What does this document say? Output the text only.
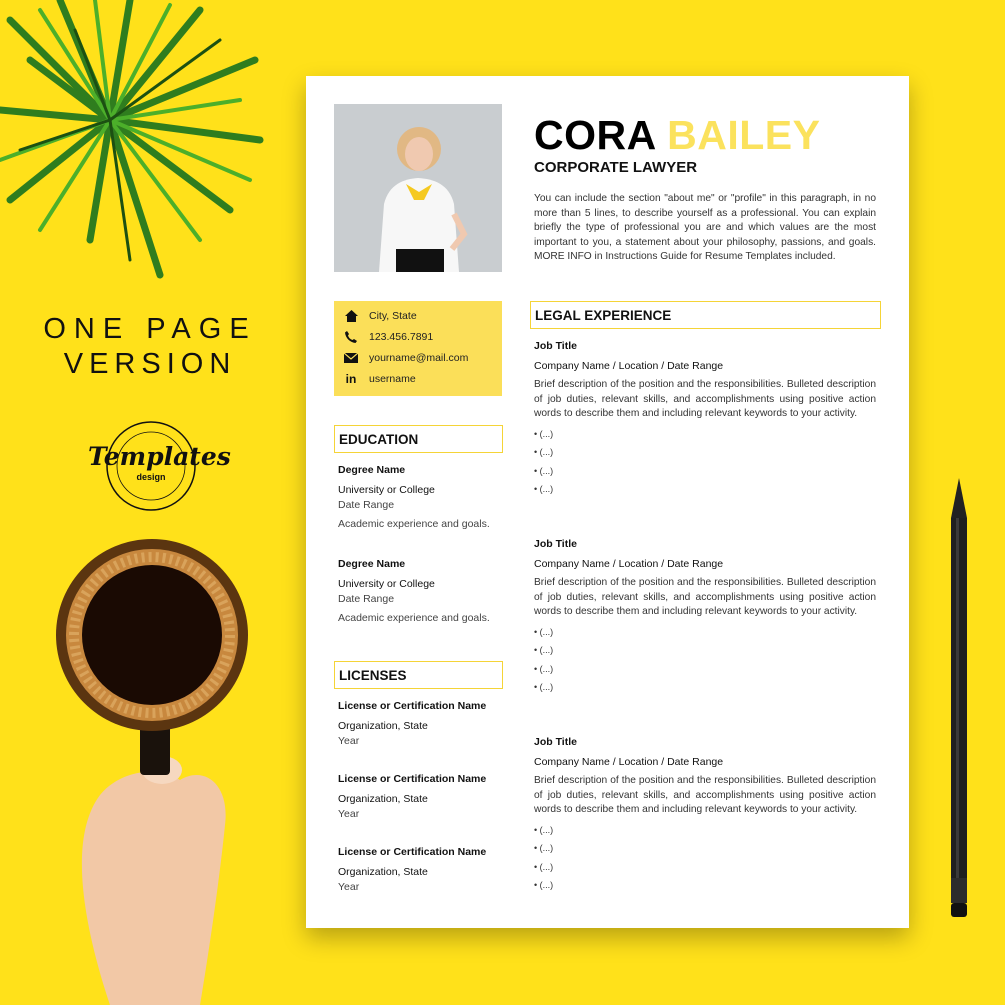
ONE PAGE
VERSION
Templates
design
CORA BAILEY
CORPORATE LAWYER
You can include the section "about me" or "profile" in this paragraph, in no more than 5 lines, to describe yourself as a professional. You can explain briefly the type of professional you are and which values are the most important to you, a statement about your philosophy, passions, and goals. MORE INFO in Instructions Guide for Resume Templates included.
City, State
123.456.7891
yourname@mail.com
in username
EDUCATION
Degree Name
University or College
Date Range
Academic experience and goals.
Degree Name
University or College
Date Range
Academic experience and goals.
LICENSES
License or Certification Name
Organization, State
Year
License or Certification Name
Organization, State
Year
License or Certification Name
Organization, State
Year
LEGAL EXPERIENCE
Job Title
Company Name / Location / Date Range
Brief description of the position and the responsibilities. Bulleted description of job duties, relevant skills, and accomplishments using positive action words to describe them and including relevant keywords to your activity.
• (...)
• (...)
• (...)
• (...)
Job Title
Company Name / Location / Date Range
Brief description of the position and the responsibilities. Bulleted description of job duties, relevant skills, and accomplishments using positive action words to describe them and including relevant keywords to your activity.
• (...)
• (...)
• (...)
• (...)
Job Title
Company Name / Location / Date Range
Brief description of the position and the responsibilities. Bulleted description of job duties, relevant skills, and accomplishments using positive action words to describe them and including relevant keywords to your activity.
• (...)
• (...)
• (...)
• (...)
